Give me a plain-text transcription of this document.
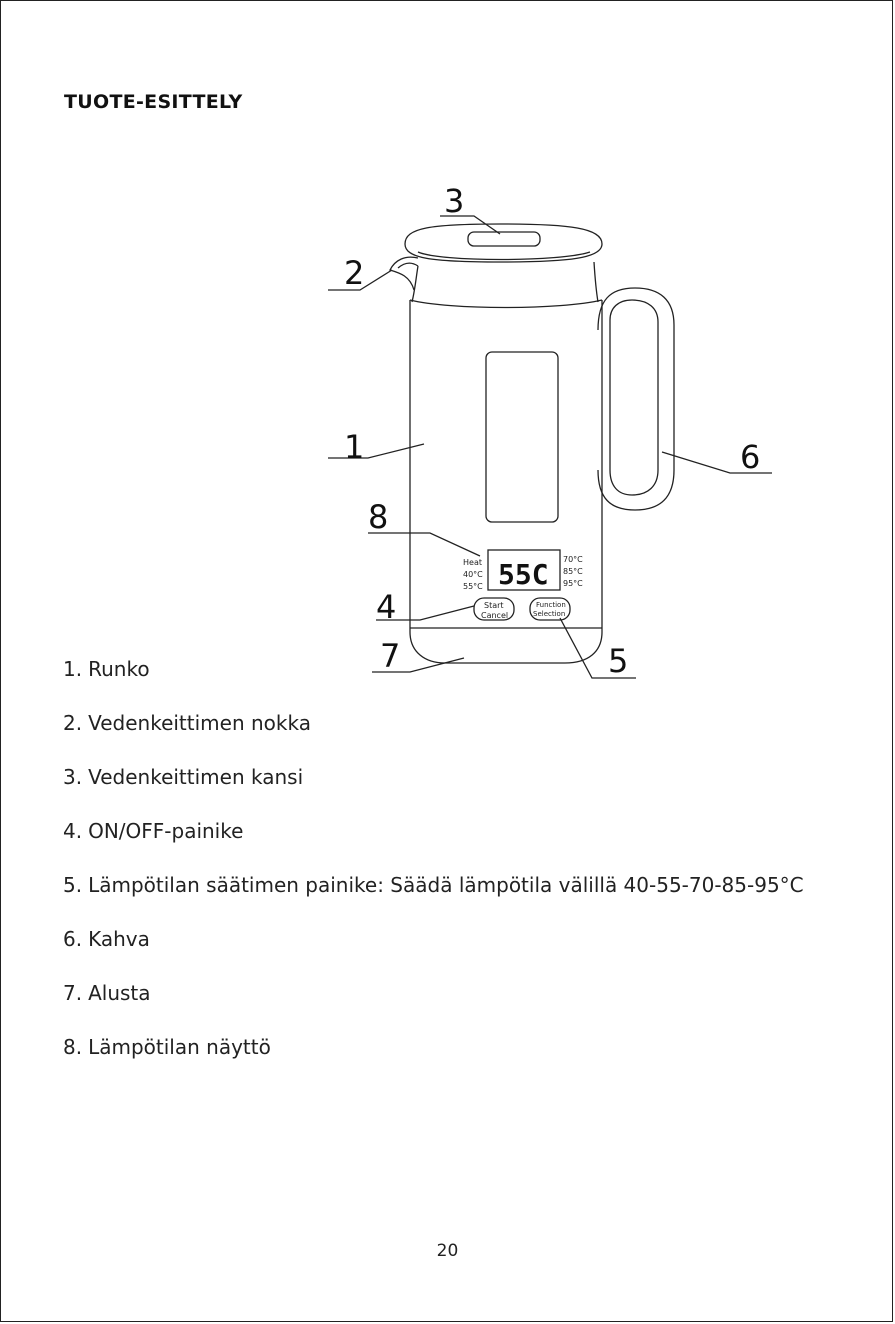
TUOTE-ESITTELY
1
2
3
4
5
6
7
8
Heat
40°C
55°C 55C 70°C
85°C
95°C
Start
Cancel
Function
Selection
1. Runko
2. Vedenkeittimen nokka
3. Vedenkeittimen kansi
4. ON/OFF-painike
5. Lämpötilan säätimen painike: Säädä lämpötila välillä 40-55-70-85-95°C
6. Kahva
7. Alusta
8. Lämpötilan näyttö
20
